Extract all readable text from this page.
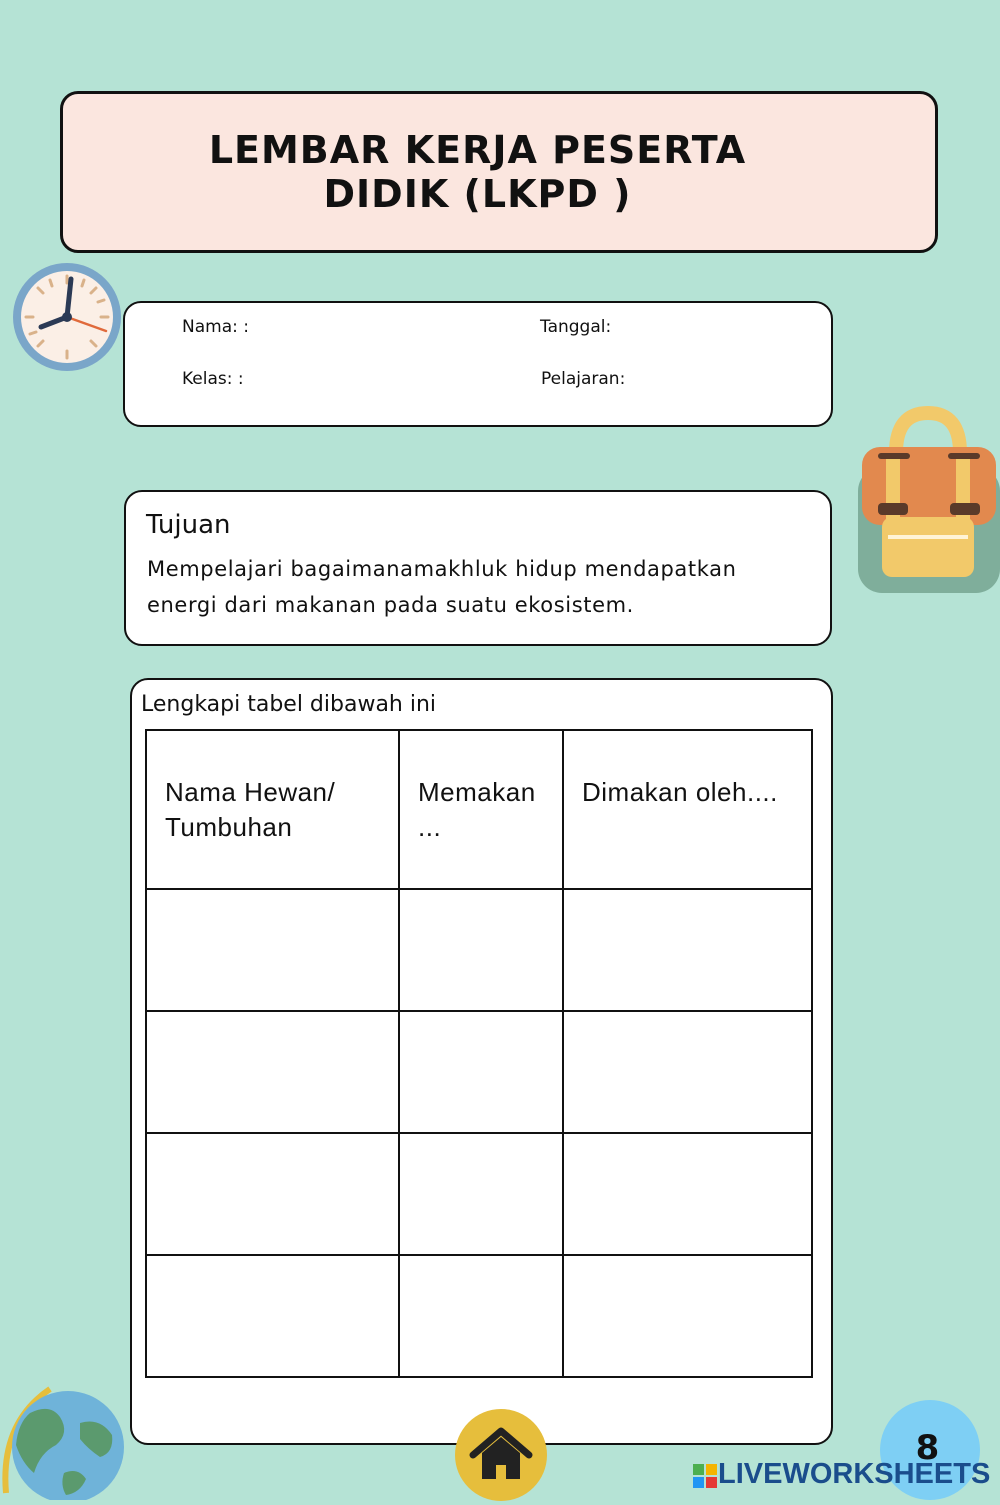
LEMBAR KERJA PESERTA
DIDIK (LKPD )
Nama: :	Tanggal:
Kelas: :	Pelajaran:
Tujuan
Mempelajari bagaimanamakhluk hidup mendapatkan energi dari makanan pada suatu ekosistem.
Lengkapi tabel dibawah ini
Nama Hewan/ Tumbuhan	Memakan ...	Dimakan oleh....

8
LIVEWORKSHEETS
